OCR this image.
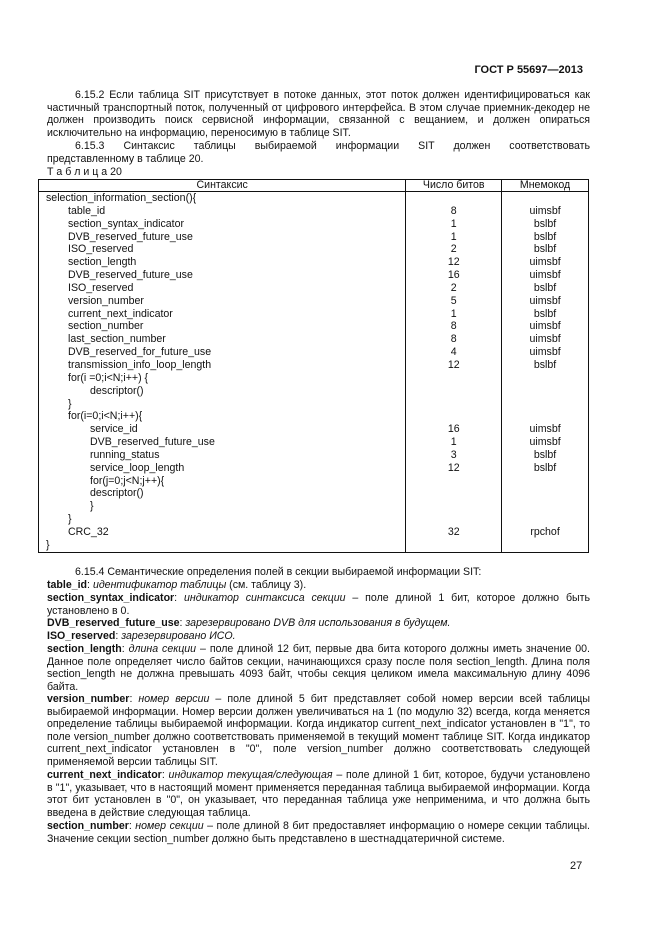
ГОСТ Р 55697—2013
6.15.2 Если таблица SIT присутствует в потоке данных, этот поток должен идентифицироваться как частичный транспортный поток, полученный от цифрового интерфейса. В этом случае приемник-декодер не должен производить поиск сервисной информации, связанной с вещанием, и должен опираться исключительно на информацию, переносимую в таблице SIT.
6.15.3 Синтаксис таблицы выбираемой информации SIT должен соответствовать
представленному в таблице 20.
Т а б л и ц а 20
Синтаксис	Число битов	Мнемокод
selection_information_section(){		
table_id	8	uimsbf
section_syntax_indicator	1	bslbf
DVB_reserved_future_use	1	bslbf
ISO_reserved	2	bslbf
section_length	12	uimsbf
DVB_reserved_future_use	16	uimsbf
ISO_reserved	2	bslbf
version_number	5	uimsbf
current_next_indicator	1	bslbf
section_number	8	uimsbf
last_section_number	8	uimsbf
DVB_reserved_for_future_use	4	uimsbf
transmission_info_loop_length	12	bslbf
for(i =0;i<N;i++) {		
descriptor()		
}		
for(i=0;i<N;i++){		
service_id	16	uimsbf
DVB_reserved_future_use	1	uimsbf
running_status	3	bslbf
service_loop_length	12	bslbf
for(j=0;j<N;j++){		
descriptor()		
}		
}		
CRC_32	32	rpchof
}		
6.15.4 Семантические определения полей в секции выбираемой информации SIT:
table_id: идентификатор таблицы (см. таблицу 3).
section_syntax_indicator: индикатор синтаксиса секции – поле длиной 1 бит, которое должно быть установлено в 0.
DVB_reserved_future_use: зарезервировано DVB для использования в будущем.
ISO_reserved: зарезервировано ИСО.
section_length: длина секции – поле длиной 12 бит, первые два бита которого должны иметь значение 00. Данное поле определяет число байтов секции, начинающихся сразу после поля section_length. Длина поля section_length не должна превышать 4093 байт, чтобы секция целиком имела максимальную длину 4096 байта.
version_number: номер версии – поле длиной 5 бит представляет собой номер версии всей таблицы выбираемой информации. Номер версии должен увеличиваться на 1 (по модулю 32) всегда, когда меняется определение таблицы выбираемой информации. Когда индикатор current_next_indicator установлен в "1", то поле version_number должно соответствовать применяемой в текущий момент таблице SIT. Когда индикатор current_next_indicator установлен в "0", поле version_number должно соответствовать следующей применяемой версии таблицы SIT.
current_next_indicator: индикатор текущая/следующая – поле длиной 1 бит, которое, будучи установлено в "1", указывает, что в настоящий момент применяется переданная таблица выбираемой информации. Когда этот бит установлен в "0", он указывает, что переданная таблица уже неприменима, и что должна быть введена в действие следующая таблица.
section_number: номер секции – поле длиной 8 бит предоставляет информацию о номере секции таблицы. Значение секции section_number должно быть представлено в шестнадцатеричной системе.
27
